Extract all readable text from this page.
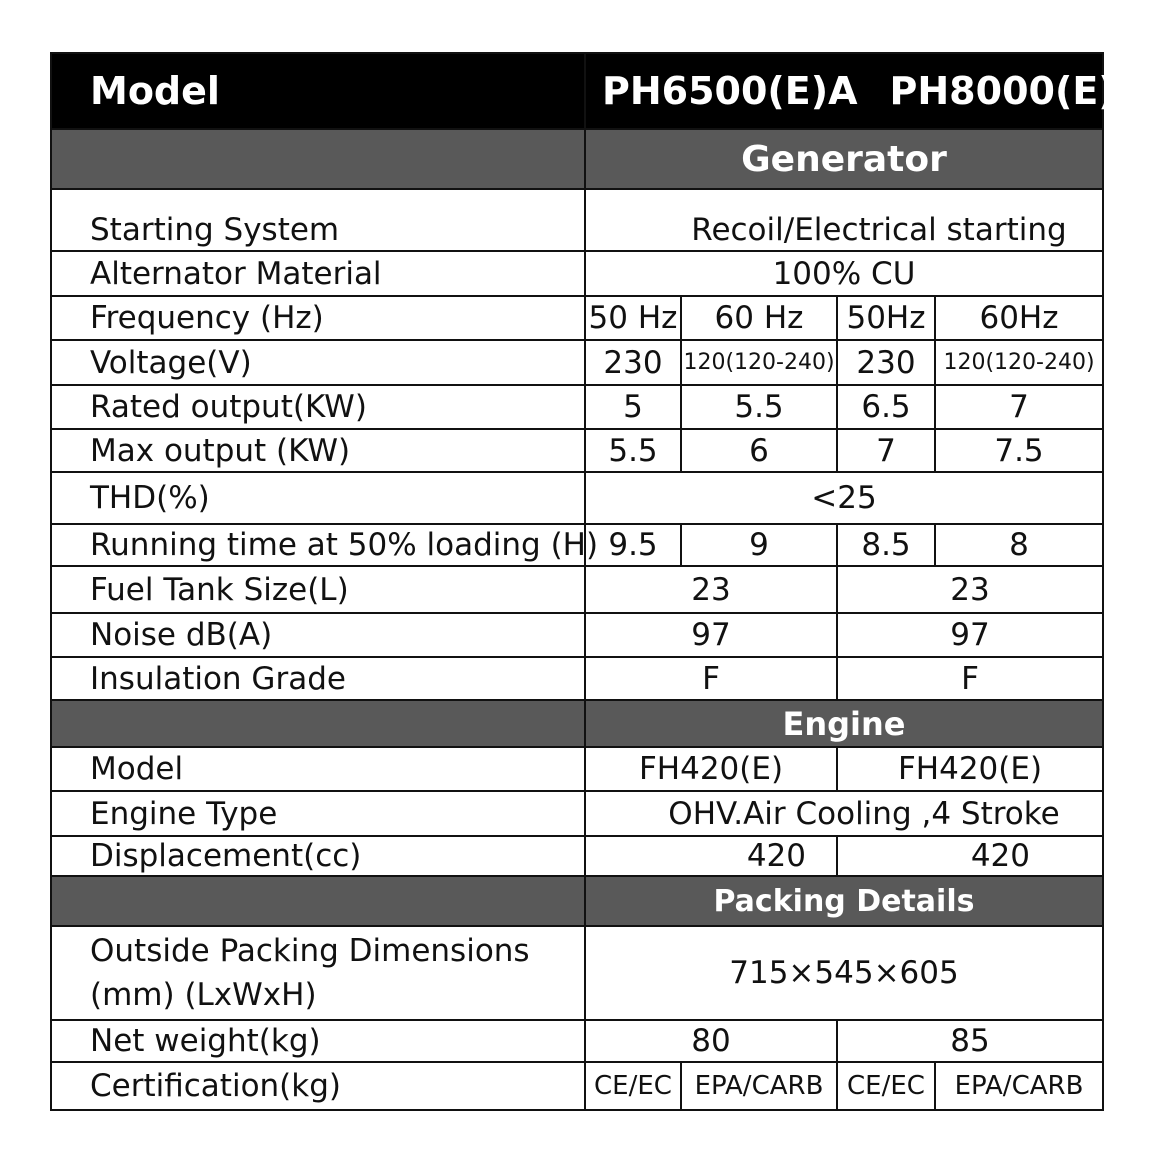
Model	PH6500(E)A PH8000(E)A			
	Generator			
Starting System	Recoil/Electrical starting			
Alternator Material	100% CU			
Frequency (Hz)	50 Hz	60 Hz	50Hz	60Hz
Voltage(V)	230	120(120-240)	230	120(120-240)
Rated output(KW)	5	5.5	6.5	7
Max output (KW)	5.5	6	7	7.5
THD(%)	<25			
Running time at 50% loading (H)	9.5	9	8.5	8
Fuel Tank Size(L)	23		23	
Noise dB(A)	97		97	
Insulation Grade	F		F	
	Engine			
Model	FH420(E)		FH420(E)	
Engine Type	OHV.Air Cooling ,4 Stroke			
Displacement(cc)	420		420	
	Packing Details			

Outside Packing Dimensions
(mm) (LxWxH)	715×545×605			
Net weight(kg)	80		85	
Certification(kg)	CE/EC	EPA/CARB	CE/EC	EPA/CARB
